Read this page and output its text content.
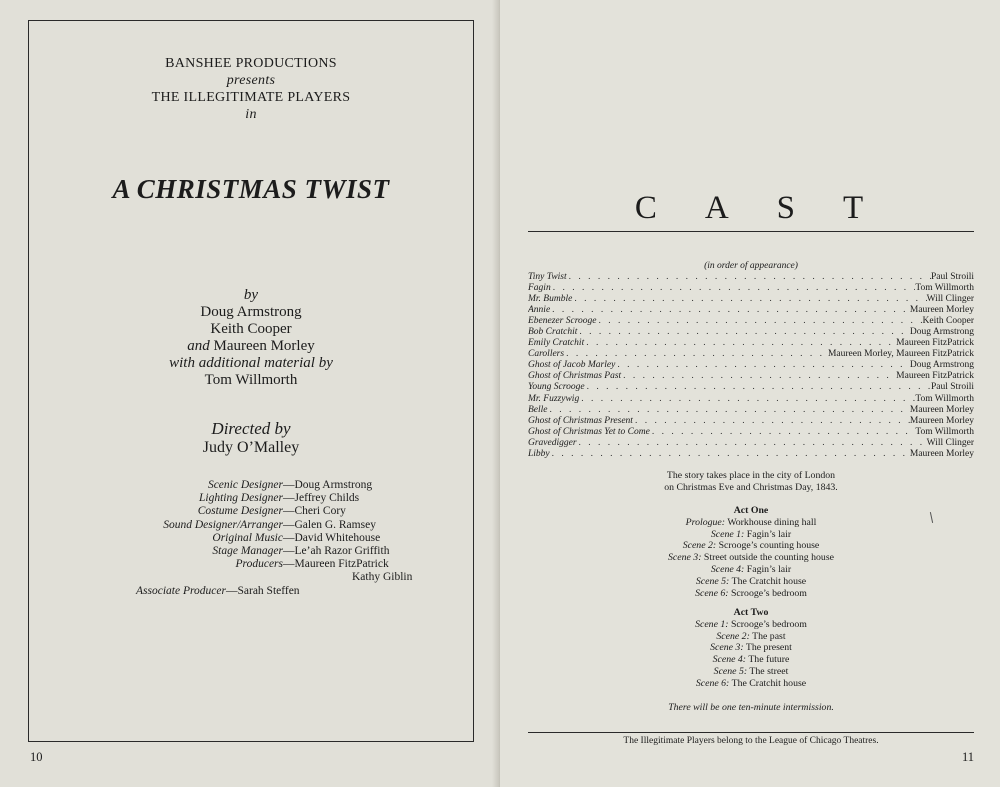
BANSHEE PRODUCTIONS
presents
THE ILLEGITIMATE PLAYERS
in
A CHRISTMAS TWIST
by
Doug Armstrong
Keith Cooper
and Maureen Morley
with additional material by
Tom Willmorth
Directed by
Judy O’Malley
Scenic Designer —Doug Armstrong
Lighting Designer —Jeffrey Childs
Costume Designer —Cheri Cory
Sound Designer/Arranger —Galen G. Ramsey
Original Music —David Whitehouse
Stage Manager —Le’ah Razor Griffith
Producers —Maureen FitzPatrick
Kathy Giblin
Associate Producer —Sarah Steffen
10
CAST
(in order of appearance)
Tiny Twist . . .	Paul Stroili
Fagin . . .	Tom Willmorth
Mr. Bumble . . .	Will Clinger
Annie . . .	Maureen Morley
Ebenezer Scrooge . . .	Keith Cooper
Bob Cratchit . . .	Doug Armstrong
Emily Cratchit . . .	Maureen FitzPatrick
Carollers . . .	Maureen Morley, Maureen FitzPatrick
Ghost of Jacob Marley . . .	Doug Armstrong
Ghost of Christmas Past . . .	Maureen FitzPatrick
Young Scrooge . . .	Paul Stroili
Mr. Fuzzywig . . .	Tom Willmorth
Belle . . .	Maureen Morley
Ghost of Christmas Present . . .	Maureen Morley
Ghost of Christmas Yet to Come . . .	Tom Willmorth
Gravedigger . . .	Will Clinger
Libby . . .	Maureen Morley
The story takes place in the city of London
on Christmas Eve and Christmas Day, 1843.
Act One
Prologue: Workhouse dining hall
Scene 1: Fagin’s lair
Scene 2: Scrooge’s counting house
Scene 3: Street outside the counting house
Scene 4: Fagin’s lair
Scene 5: The Cratchit house
Scene 6: Scrooge’s bedroom
Act Two
Scene 1: Scrooge’s bedroom
Scene 2: The past
Scene 3: The present
Scene 4: The future
Scene 5: The street
Scene 6: The Cratchit house
There will be one ten-minute intermission.
The Illegitimate Players belong to the League of Chicago Theatres.
11
